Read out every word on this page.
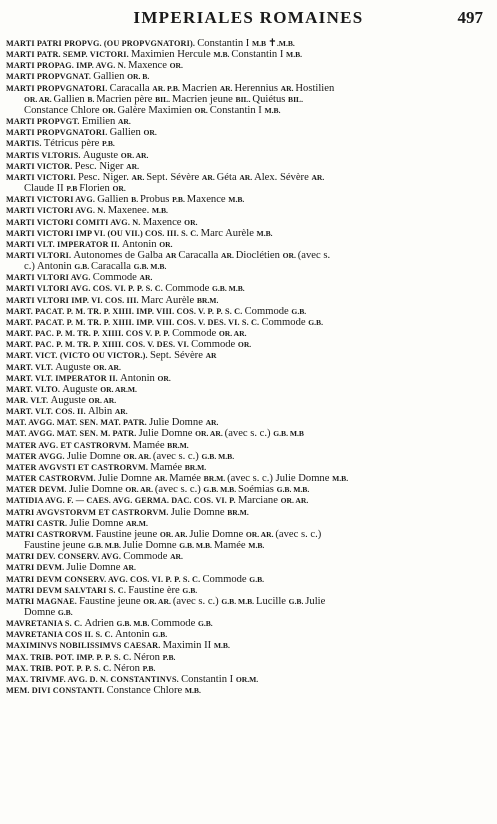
IMPERIALES ROMAINES	497
MARTI PATRI PROPVG. (OU PROPVGNATORI). Constantin I M.B ✝.M.B.
MARTI PATR. SEMP. VICTORI. Maximien Hercule M.B. Constantin I M.B.
MARTI PROPAG. IMP. AVG. N. Maxence OR.
MARTI PROPVGNAT. Gallien OR. B.
MARTI PROPVGNATORI. Caracalla AR. P.B. Macrien AR. Herennius AR. Hostilien
OR. AR. Gallien B. Macrien père BIL. Macrien jeune BIL. Quiétus BIL.
Constance Chlore OR. Galère Maximien OR. Constantin I M.B.
MARTI PROPVGT. Emilien AR.
MARTI PROPVGNATORI. Gallien OR.
MARTIS. Tétricus père P.B.
MARTIS VLTORIS. Auguste OR. AR.
MARTI VICTOR. Pesc. Niger AR.
MARTI VICTORI. Pesc. Niger. AR. Sept. Sévère AR. Géta AR. Alex. Sévère AR.
Claude II P.B Florien OR.
MARTI VICTORI AVG. Gallien B. Probus P.B. Maxence M.B.
MARTI VICTORI AVG. N. Maxenee. M.B.
MARTI VICTORI COMITI AVG. N. Maxence OR.
MARTI VICTORI IMP VI. (OU VII.) COS. III. S. C. Marc Aurèle M.B.
MARTI VLT. IMPERATOR II. Antonin OR.
MARTI VLTORI. Autonomes de Galba AR Caracalla AR. Dioclétien OR. (avec s.
c.) Antonin G.B. Caracalla G.B. M.B.
MARTI VLTORI AVG. Commode AR.
MARTI VLTORI AVG. COS. VI. P. P. S. C. Commode G.B. M.B.
MARTI VLTORI IMP. VI. COS. III. Marc Aurèle BR.M.
MART. PACAT. P. M. TR. P. XIIII. IMP. VIII. COS. V. P. P. S. C. Commode G.B.
MART. PACAT. P. M. TR. P. XIIII. IMP. VIII. COS. V. DES. VI. S. C. Commode G.B.
MART. PAC. P. M. TR. P. XIIII. COS V. P. P. Commode OR. AR.
MART. PAC. P. M. TR. P. XIIII. COS. V. DES. VI. Commode OR.
MART. VICT. (VICTO OU VICTOR.). Sept. Sévère AR
MART. VLT. Auguste OR. AR.
MART. VLT. IMPERATOR II. Antonin OR.
MART. VLTO. Auguste OR. AR.M.
MAR. VLT. Auguste OR. AR.
MART. VLT. COS. II. Albin AR.
MAT. AVGG. MAT. SEN. MAT. PATR. Julie Domne AR.
MAT. AVGG. MAT. SEN. M. PATR. Julie Domne OR. AR. (avec s. c.) G.B. M.B
MATER AVG. ET CASTRORVM. Mamée BR.M.
MATER AVGG. Julie Domne OR. AR. (avec s. c.) G.B. M.B.
MATER AVGVSTI ET CASTRORVM. Mamée BR.M.
MATER CASTRORVM. Julie Domne AR. Mamée BR.M. (avec s. c.) Julie Domne M.B.
MATER DEVM. Julie Domne OR. AR. (avec s. c.) G.B. M.B. Soémias G.B. M.B.
MATIDIA AVG. F. — CAES. AVG. GERMA. DAC. COS. VI. P. Marciane OR. AR.
MATRI AVGVSTORVM ET CASTRORVM. Julie Domne BR.M.
MATRI CASTR. Julie Domne AR.M.
MATRI CASTRORVM. Faustine jeune OR. AR. Julie Domne OR. AR. (avec s. c.)
Faustine jeune G.B. M.B. Julie Domne G.B. M.B. Mamée M.B.
MATRI DEV. CONSERV. AVG. Commode AR.
MATRI DEVM. Julie Domne AR.
MATRI DEVM CONSERV. AVG. COS. VI. P. P. S. C. Commode G.B.
MATRI DEVM SALVTARI S. C. Faustine ère G.B.
MATRI MAGNAE. Faustine jeune OR. AR. (avec s. c.) G.B. M.B. Lucille G.B. Julie
Domne G.B.
MAVRETANIA S. C. Adrien G.B. M.B. Commode G.B.
MAVRETANIA COS II. S. C. Antonin G.B.
MAXIMINVS NOBILISSIMVS CAESAR. Maximin II M.B.
MAX. TRIB. POT. IMP. P. P. S. C. Néron P.B.
MAX. TRIB. POT. P. P. S. C. Néron P.B.
MAX. TRIVMF. AVG. D. N. CONSTANTINVS. Constantin I OR.M.
MEM. DIVI CONSTANTI. Constance Chlore M.B.
